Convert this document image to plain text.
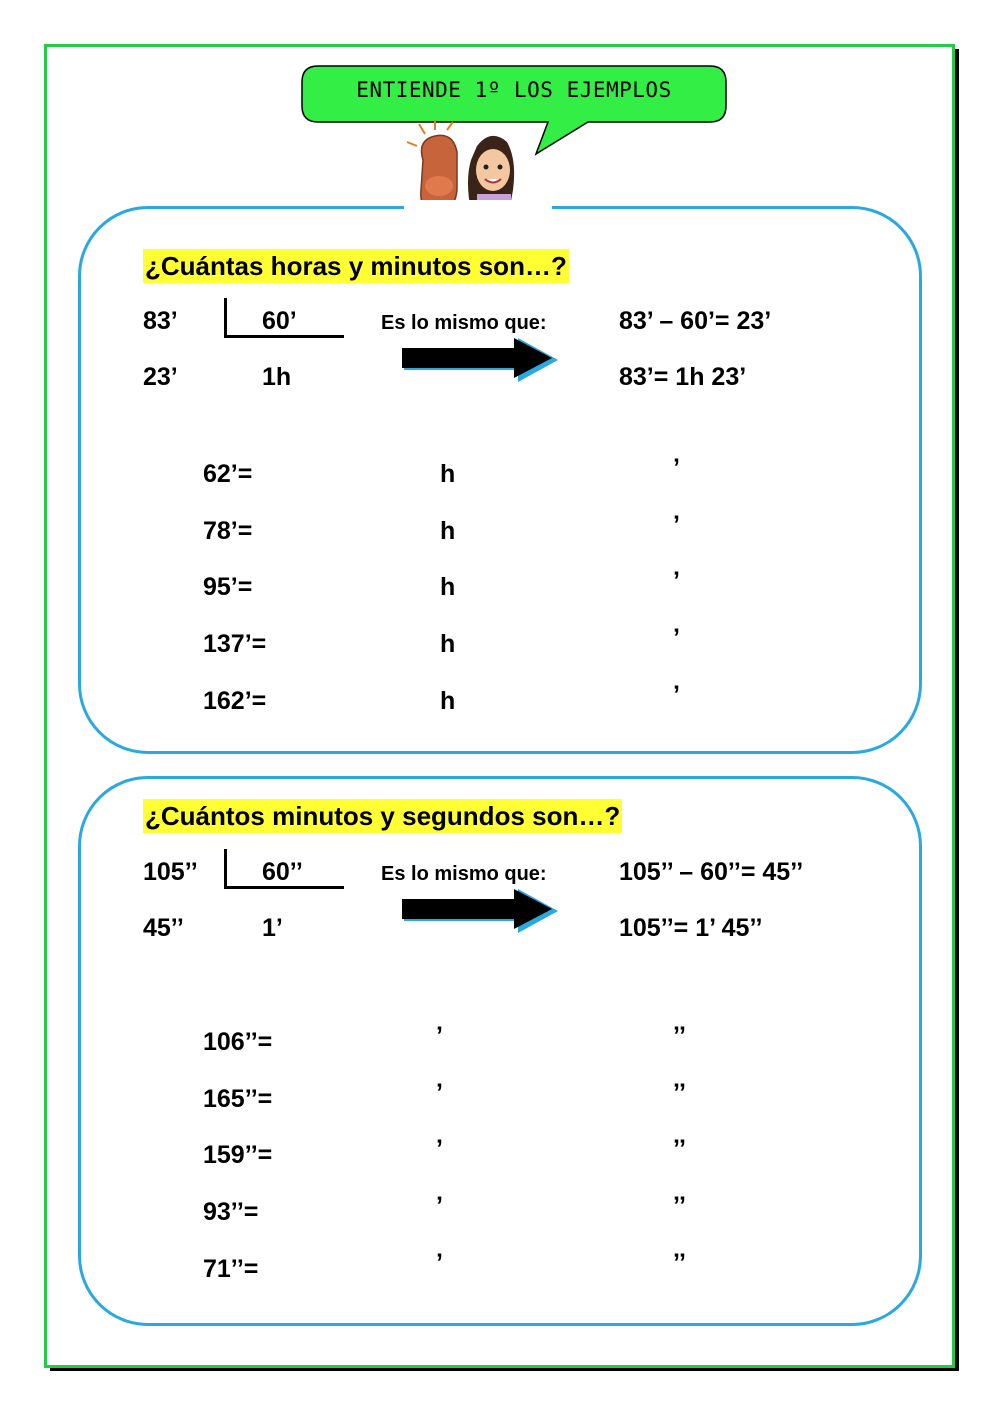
ENTIENDE 1º LOS EJEMPLOS
¿Cuántas horas y minutos son…?
83’	60’
23’	1h
Es lo mismo que:	83’ – 60’= 23’
83’= 1h 23’
62’=	h	’
78’=	h	’
95’=	h	’
137’=	h	’
162’=	h	’
¿Cuántos minutos y segundos son…?
105’’	60’’
45’’	1’
Es lo mismo que:	105’’ – 60’’= 45’’
105’’= 1’ 45’’
106’’=	’	’’
165’’=	’	’’
159’’=	’	’’
93’’=	’	’’
71’’=	’	’’
